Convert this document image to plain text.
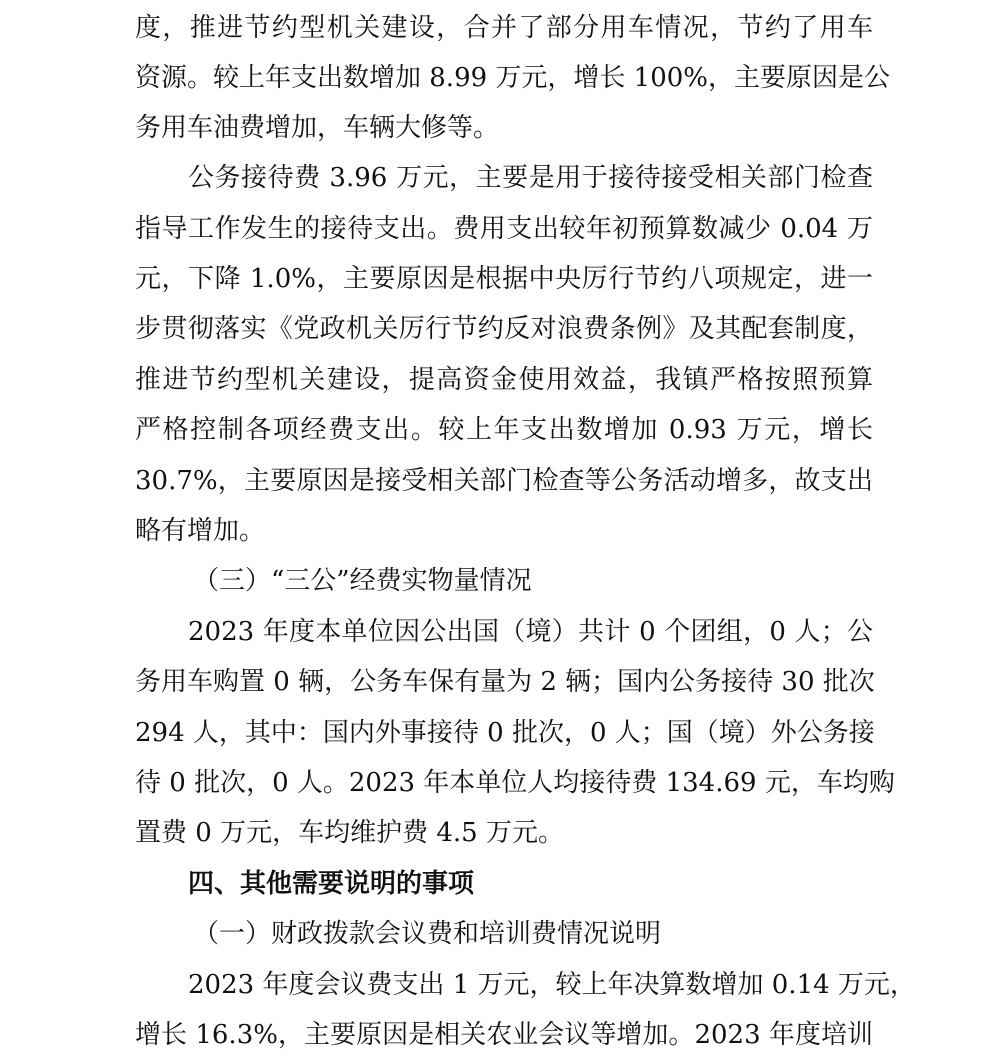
度，推进节约型机关建设，合并了部分用车情况，节约了用车
资源。较上年支出数增加 8.99 万元，增长 100%，主要原因是公
务用车油费增加，车辆大修等。
公务接待费 3.96 万元，主要是用于接待接受相关部门检查
指导工作发生的接待支出。费用支出较年初预算数减少 0.04 万
元，下降 1.0%，主要原因是根据中央厉行节约八项规定，进一
步贯彻落实《党政机关厉行节约反对浪费条例》及其配套制度，
推进节约型机关建设，提高资金使用效益，我镇严格按照预算
严格控制各项经费支出。较上年支出数增加 0.93 万元，增长
30.7%，主要原因是接受相关部门检查等公务活动增多，故支出
略有增加。
（三）“三公”经费实物量情况
2023 年度本单位因公出国（境）共计 0 个团组，0 人；公
务用车购置 0 辆，公务车保有量为 2 辆；国内公务接待 30 批次
294 人，其中：国内外事接待 0 批次，0 人；国（境）外公务接
待 0 批次，0 人。2023 年本单位人均接待费 134.69 元，车均购
置费 0 万元，车均维护费 4.5 万元。
四、其他需要说明的事项
（一）财政拨款会议费和培训费情况说明
2023 年度会议费支出 1 万元，较上年决算数增加 0.14 万元，
增长 16.3%，主要原因是相关农业会议等增加。2023 年度培训
